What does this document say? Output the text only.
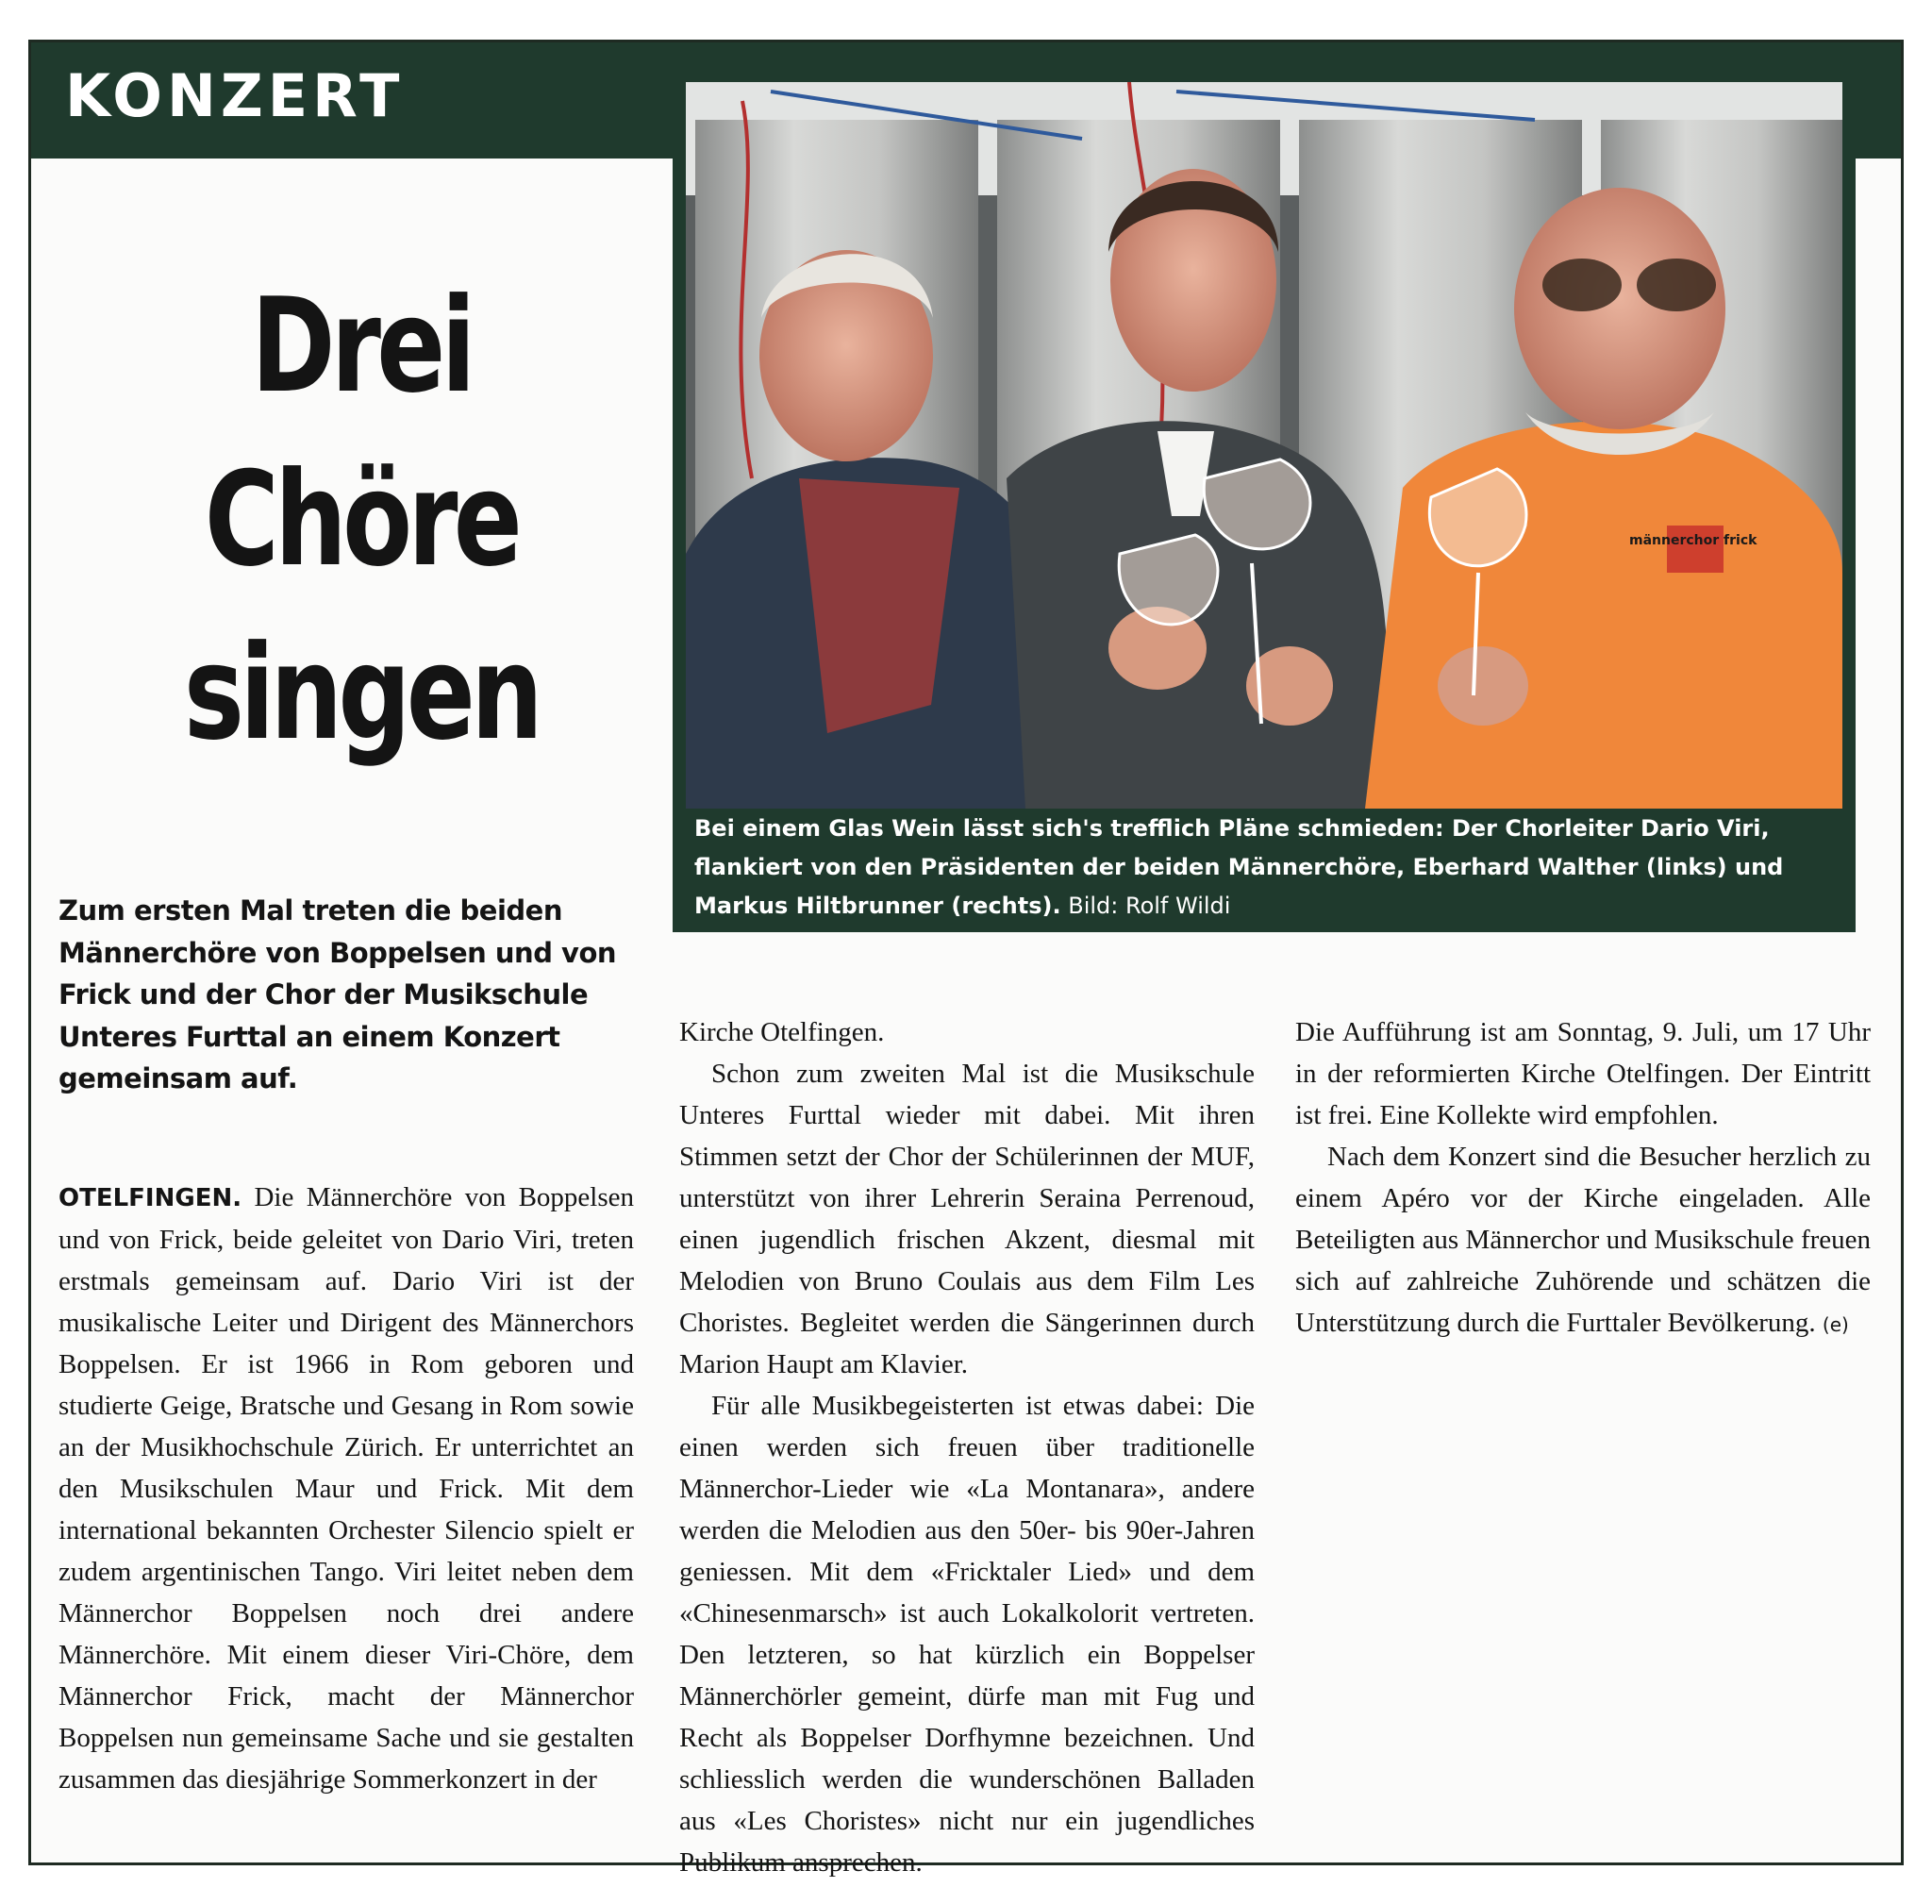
KONZERT
Drei
Chöre
singen
männerchor frick
Bei einem Glas Wein lässt sich's trefflich Pläne schmieden: Der Chorleiter Dario Viri, flankiert von den Präsidenten der beiden Männerchöre, Eberhard Walther (links) und Markus Hiltbrunner (rechts). Bild: Rolf Wildi
Zum ersten Mal treten die beiden Männerchöre von Boppelsen und von Frick und der Chor der Musikschule Unteres Furttal an einem Konzert gemeinsam auf.

OTELFINGEN. Die Männerchöre von Boppelsen und von Frick, beide geleitet von Dario Viri, treten erstmals gemeinsam auf. Dario Viri ist der musikalische Leiter und Dirigent des Männerchors Boppelsen. Er ist 1966 in Rom geboren und studierte Geige, Bratsche und Gesang in Rom sowie an der Musikhochschule Zürich. Er unterrichtet an den Musikschulen Maur und Frick. Mit dem international bekannten Orchester Silencio spielt er zudem argentinischen Tango. Viri leitet neben dem Männerchor Boppelsen noch drei andere Männerchöre. Mit einem dieser Viri-Chöre, dem Männerchor Frick, macht der Männerchor Boppelsen nun gemeinsame Sache und sie gestalten zusammen das diesjährige Sommerkonzert in der

Kirche Otelfingen.

Schon zum zweiten Mal ist die Musikschule Unteres Furttal wieder mit dabei. Mit ihren Stimmen setzt der Chor der Schülerinnen der MUF, unterstützt von ihrer Lehrerin Seraina Perrenoud, einen jugendlich frischen Akzent, diesmal mit Melodien von Bruno Coulais aus dem Film Les Choristes. Begleitet werden die Sängerinnen durch Marion Haupt am Klavier.

Für alle Musikbegeisterten ist etwas dabei: Die einen werden sich freuen über traditionelle Männerchor-Lieder wie «La Montanara», andere werden die Melodien aus den 50er- bis 90er-Jahren geniessen. Mit dem «Fricktaler Lied» und dem «Chinesenmarsch» ist auch Lokalkolorit vertreten. Den letzteren, so hat kürzlich ein Boppelser Männerchörler gemeint, dürfe man mit Fug und Recht als Boppelser Dorfhymne bezeichnen. Und schliesslich werden die wunderschönen Balladen aus «Les Choristes» nicht nur ein jugendliches Publikum ansprechen.

Die Aufführung ist am Sonntag, 9. Juli, um 17 Uhr in der reformierten Kirche Otelfingen. Der Eintritt ist frei. Eine Kollekte wird empfohlen.

Nach dem Konzert sind die Besucher herzlich zu einem Apéro vor der Kirche eingeladen. Alle Beteiligten aus Männerchor und Musikschule freuen sich auf zahlreiche Zuhörende und schätzen die Unterstützung durch die Furttaler Bevölkerung. (e)
